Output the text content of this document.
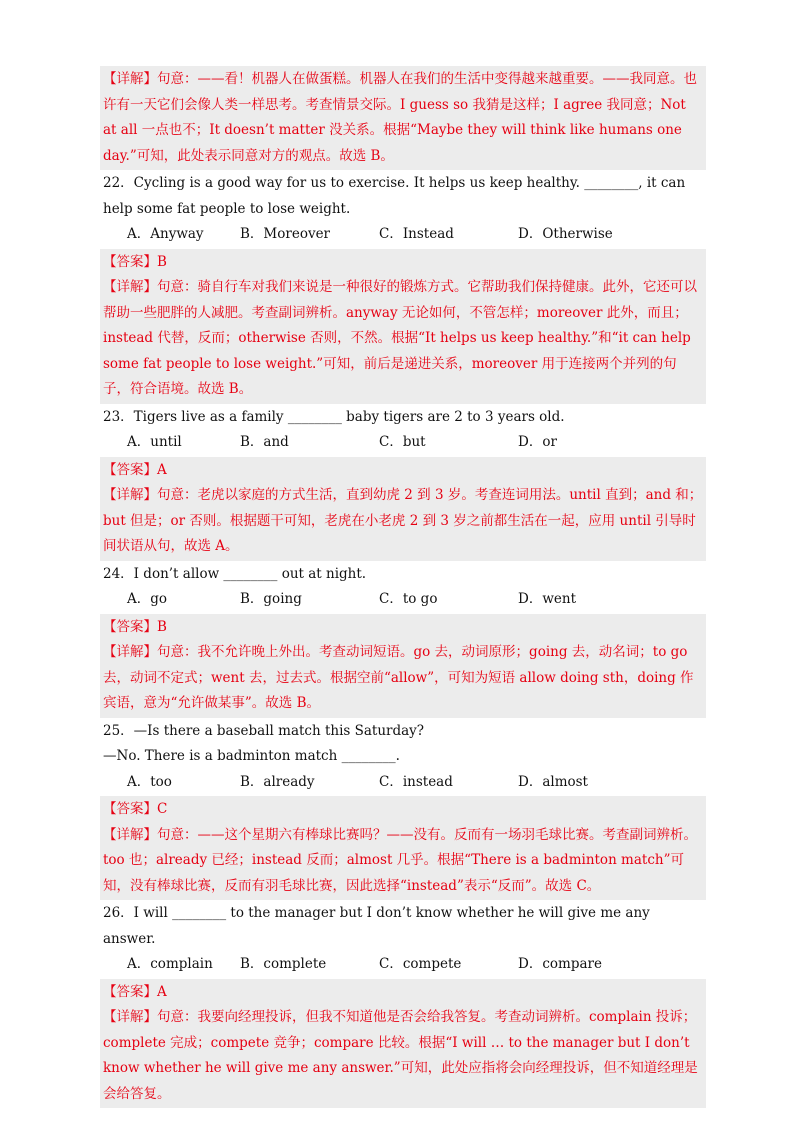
【详解】句意：——看！机器人在做蛋糕。机器人在我们的生活中变得越来越重要。——我同意。也许有一天它们会像人类一样思考。考查情景交际。I guess so 我猜是这样；I agree 我同意；Not at all 一点也不；It doesn’t matter 没关系。根据“Maybe they will think like humans one day.”可知，此处表示同意对方的观点。故选 B。
22．Cycling is a good way for us to exercise. It helps us keep healthy. ________, it can help some fat people to lose weight.
A．Anyway	B．Moreover	C．Instead	D．Otherwise
【答案】B
【详解】句意：骑自行车对我们来说是一种很好的锻炼方式。它帮助我们保持健康。此外，它还可以帮助一些肥胖的人减肥。考查副词辨析。anyway 无论如何，不管怎样；moreover 此外，而且；instead 代替，反而；otherwise 否则，不然。根据“It helps us keep healthy.”和“it can help some fat people to lose weight.”可知，前后是递进关系，moreover 用于连接两个并列的句子，符合语境。故选 B。
23．Tigers live as a family ________ baby tigers are 2 to 3 years old.
A．until	B．and	C．but	D．or
【答案】A
【详解】句意：老虎以家庭的方式生活，直到幼虎 2 到 3 岁。考查连词用法。until 直到；and 和；but 但是；or 否则。根据题干可知，老虎在小老虎 2 到 3 岁之前都生活在一起，应用 until 引导时间状语从句，故选 A。
24．I don’t allow ________ out at night.
A．go	B．going	C．to go	D．went
【答案】B
【详解】句意：我不允许晚上外出。考查动词短语。go 去，动词原形；going 去，动名词；to go 去，动词不定式；went 去，过去式。根据空前“allow”，可知为短语 allow doing sth，doing 作宾语，意为“允许做某事”。故选 B。
25．—Is there a baseball match this Saturday?
—No. There is a badminton match ________.
A．too	B．already	C．instead	D．almost
【答案】C
【详解】句意：——这个星期六有棒球比赛吗？——没有。反而有一场羽毛球比赛。考查副词辨析。too 也；already 已经；instead 反而；almost 几乎。根据“There is a badminton match”可知，没有棒球比赛，反而有羽毛球比赛，因此选择“instead”表示“反而”。故选 C。
26．I will ________ to the manager but I don’t know whether he will give me any answer.
A．complain	B．complete	C．compete	D．compare
【答案】A
【详解】句意：我要向经理投诉，但我不知道他是否会给我答复。考查动词辨析。complain 投诉；complete 完成；compete 竞争；compare 比较。根据“I will … to the manager but I don’t know whether he will give me any answer.”可知，此处应指将会向经理投诉，但不知道经理是会给答复。
